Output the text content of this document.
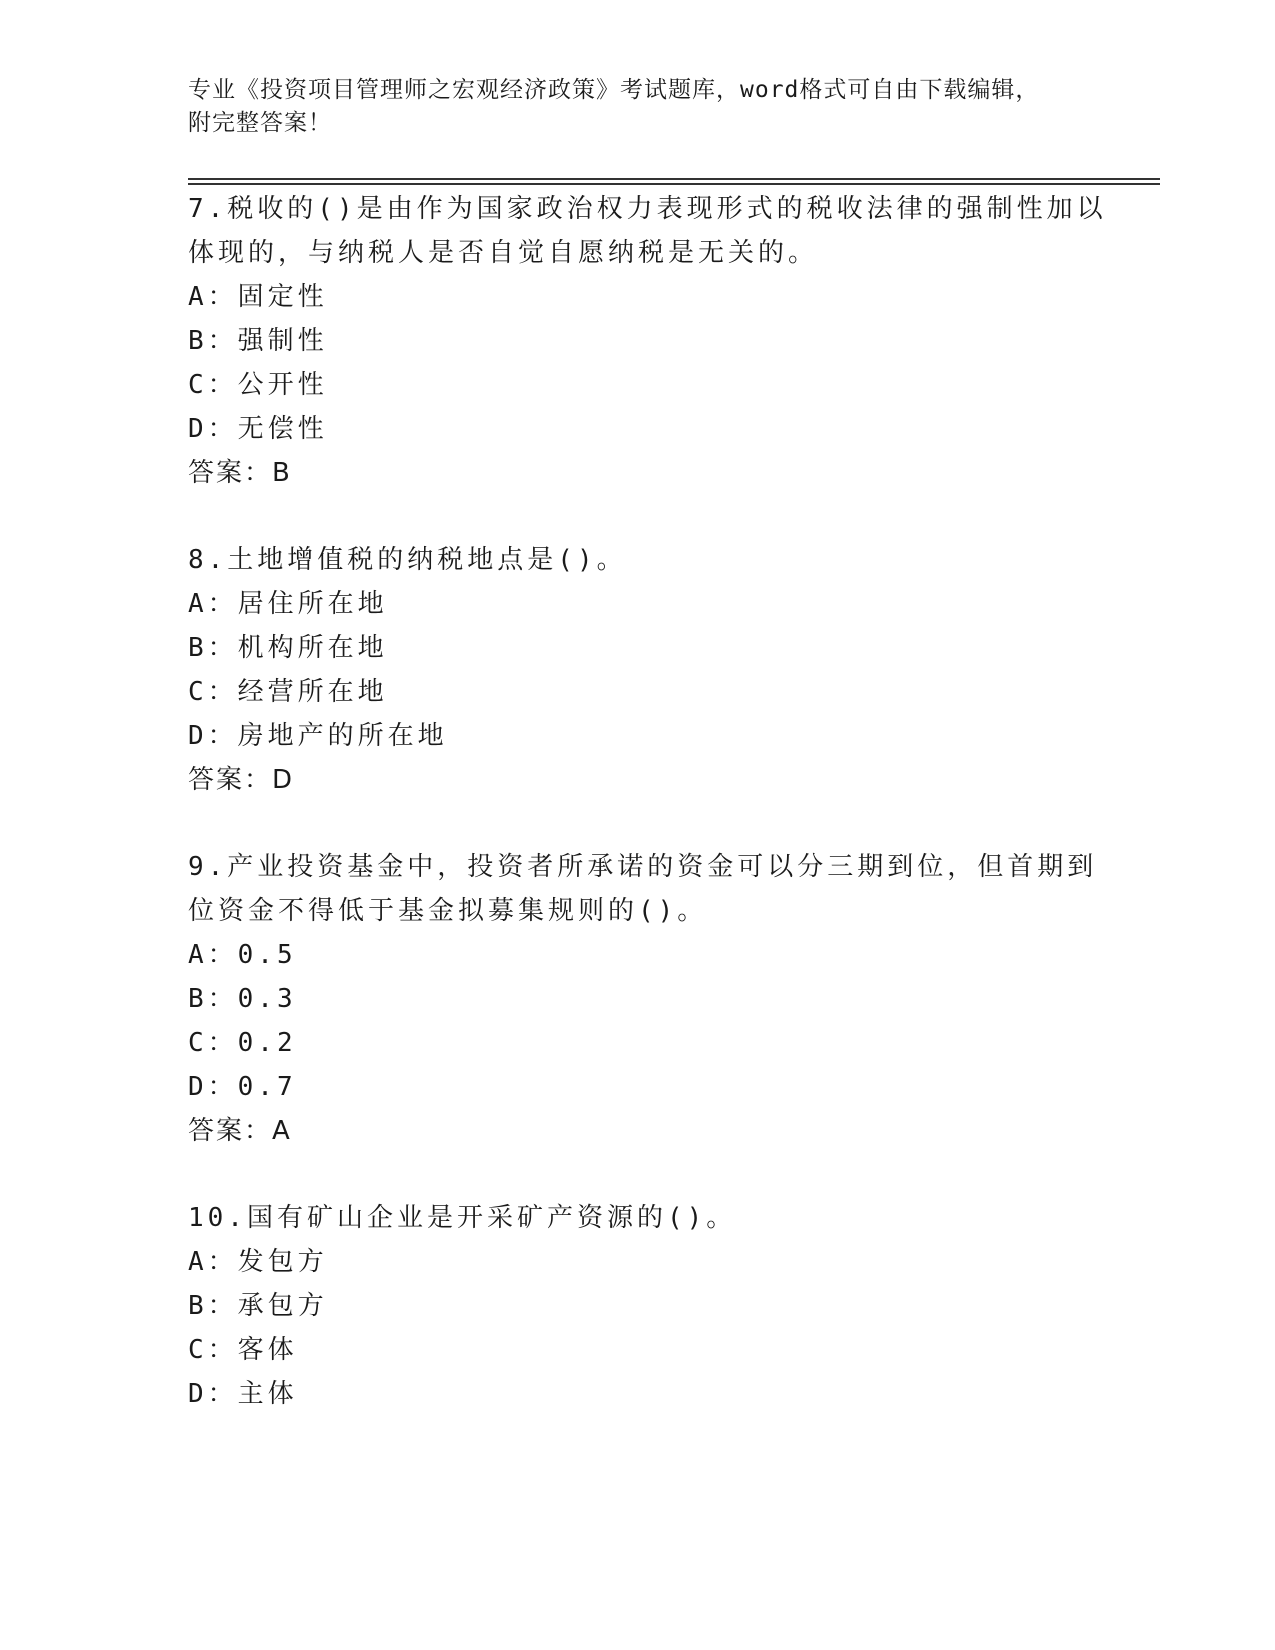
专业《投资项目管理师之宏观经济政策》考试题库，word格式可自由下载编辑，
附完整答案！
7.税收的()是由作为国家政治权力表现形式的税收法律的强制性加以
体现的，与纳税人是否自觉自愿纳税是无关的。
A：固定性
B：强制性
C：公开性
D：无偿性
答案：B
8.土地增值税的纳税地点是()。
A：居住所在地
B：机构所在地
C：经营所在地
D：房地产的所在地
答案：D
9.产业投资基金中，投资者所承诺的资金可以分三期到位，但首期到
位资金不得低于基金拟募集规则的()。
A：0.5
B：0.3
C：0.2
D：0.7
答案：A
10.国有矿山企业是开采矿产资源的()。
A：发包方
B：承包方
C：客体
D：主体
